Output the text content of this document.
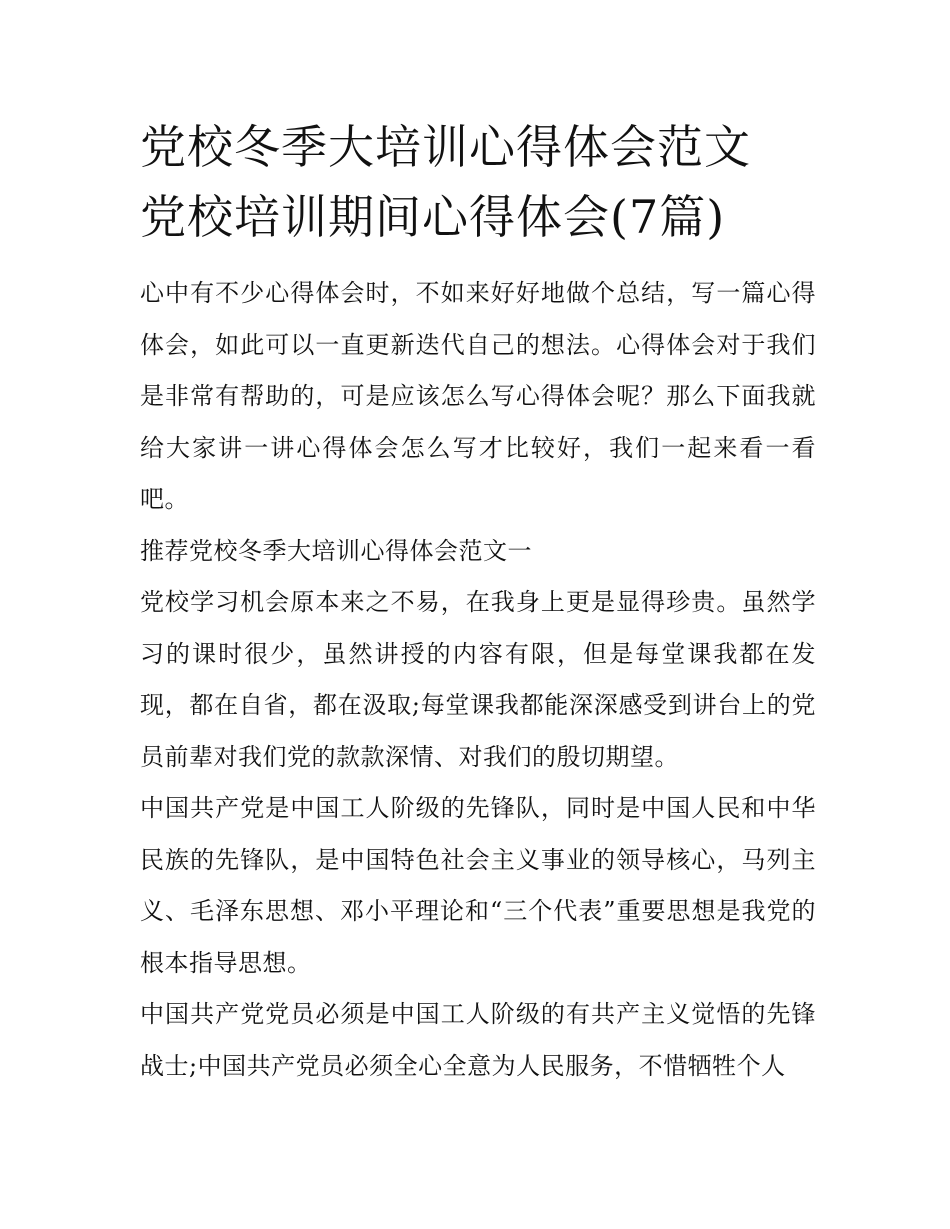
党校冬季大培训心得体会范文
党校培训期间心得体会(7篇)
心中有不少心得体会时，不如来好好地做个总结，写一篇心得体会，如此可以一直更新迭代自己的想法。心得体会对于我们是非常有帮助的，可是应该怎么写心得体会呢？那么下面我就给大家讲一讲心得体会怎么写才比较好，我们一起来看一看吧。
推荐党校冬季大培训心得体会范文一
党校学习机会原本来之不易，在我身上更是显得珍贵。虽然学习的课时很少，虽然讲授的内容有限，但是每堂课我都在发现，都在自省，都在汲取;每堂课我都能深深感受到讲台上的党员前辈对我们党的款款深情、对我们的殷切期望。
中国共产党是中国工人阶级的先锋队，同时是中国人民和中华民族的先锋队，是中国特色社会主义事业的领导核心，马列主义、毛泽东思想、邓小平理论和“三个代表”重要思想是我党的根本指导思想。
中国共产党党员必须是中国工人阶级的有共产主义觉悟的先锋战士;中国共产党员必须全心全意为人民服务，不惜牺牲个人
